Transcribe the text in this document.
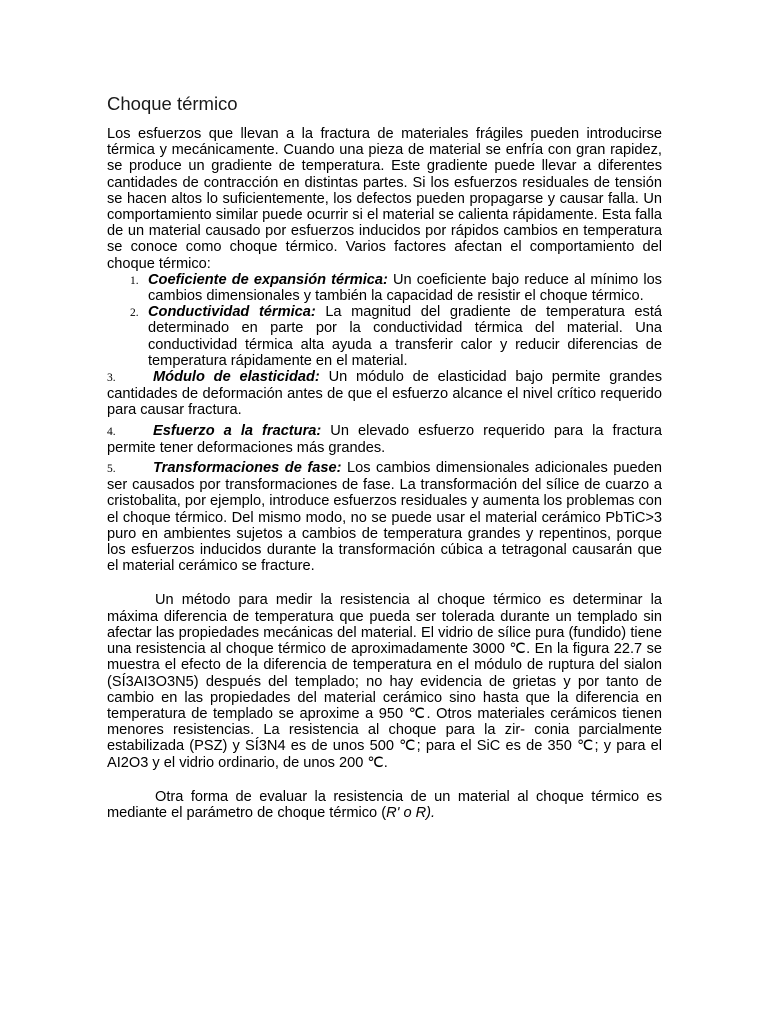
Choque térmico

Los esfuerzos que llevan a la fractura de materiales frágiles pueden introducirse térmica y mecánicamente. Cuando una pieza de material se enfría con gran rapidez, se produce un gradiente de temperatura. Este gradiente puede llevar a diferentes cantidades de contracción en distintas partes. Si los esfuerzos residuales de tensión se hacen altos lo suficientemente, los defectos pueden propagarse y causar falla. Un comportamiento similar puede ocurrir si el material se calienta rápidamente. Esta falla de un material causado por esfuerzos inducidos por rápidos cambios en temperatura se conoce como choque térmico. Varios factores afectan el comportamiento del choque térmico:

1. Coeficiente de expansión térmica: Un coeficiente bajo reduce al mínimo los cambios dimensionales y también la capacidad de resistir el choque térmico.
2. Conductividad térmica: La magnitud del gradiente de temperatura está determinado en parte por la conductividad térmica del material. Una conductividad térmica alta ayuda a transferir calor y reducir diferencias de temperatura rápidamente en el material.

3.	Módulo de elasticidad: Un módulo de elasticidad bajo permite grandes cantidades de deformación antes de que el esfuerzo alcance el nivel crítico requerido para causar fractura.

4.	Esfuerzo a la fractura: Un elevado esfuerzo requerido para la fractura permite tener deformaciones más grandes.

5.	Transformaciones de fase: Los cambios dimensionales adicionales pueden ser causados por transformaciones de fase. La transformación del sílice de cuarzo a cristobalita, por ejemplo, introduce esfuerzos residuales y aumenta los problemas con el choque térmico. Del mismo modo, no se puede usar el material cerámico PbTiC>3 puro en ambientes sujetos a cambios de temperatura grandes y repentinos, porque los esfuerzos inducidos durante la transformación cúbica a tetragonal causarán que el material cerámico se fracture.

Un método para medir la resistencia al choque térmico es determinar la máxima diferencia de temperatura que pueda ser tolerada durante un templado sin afectar las propiedades mecánicas del material. El vidrio de sílice pura (fundido) tiene una resistencia al choque térmico de aproximadamente 3000 ℃. En la figura 22.7 se muestra el efecto de la diferencia de temperatura en el módulo de ruptura del sialon (SÍ3AI3O3N5) después del templado; no hay evidencia de grietas y por tanto de cambio en las propiedades del material cerámico sino hasta que la diferencia en temperatura de templado se aproxime a 950 ℃. Otros materiales cerámicos tienen menores resistencias. La resistencia al choque para la zir- conia parcialmente estabilizada (PSZ) y SÍ3N4 es de unos 500 ℃; para el SiC es de 350 ℃; y para el AI2O3 y el vidrio ordinario, de unos 200 ℃.

Otra forma de evaluar la resistencia de un material al choque térmico es mediante el parámetro de choque térmico (R' o R).
